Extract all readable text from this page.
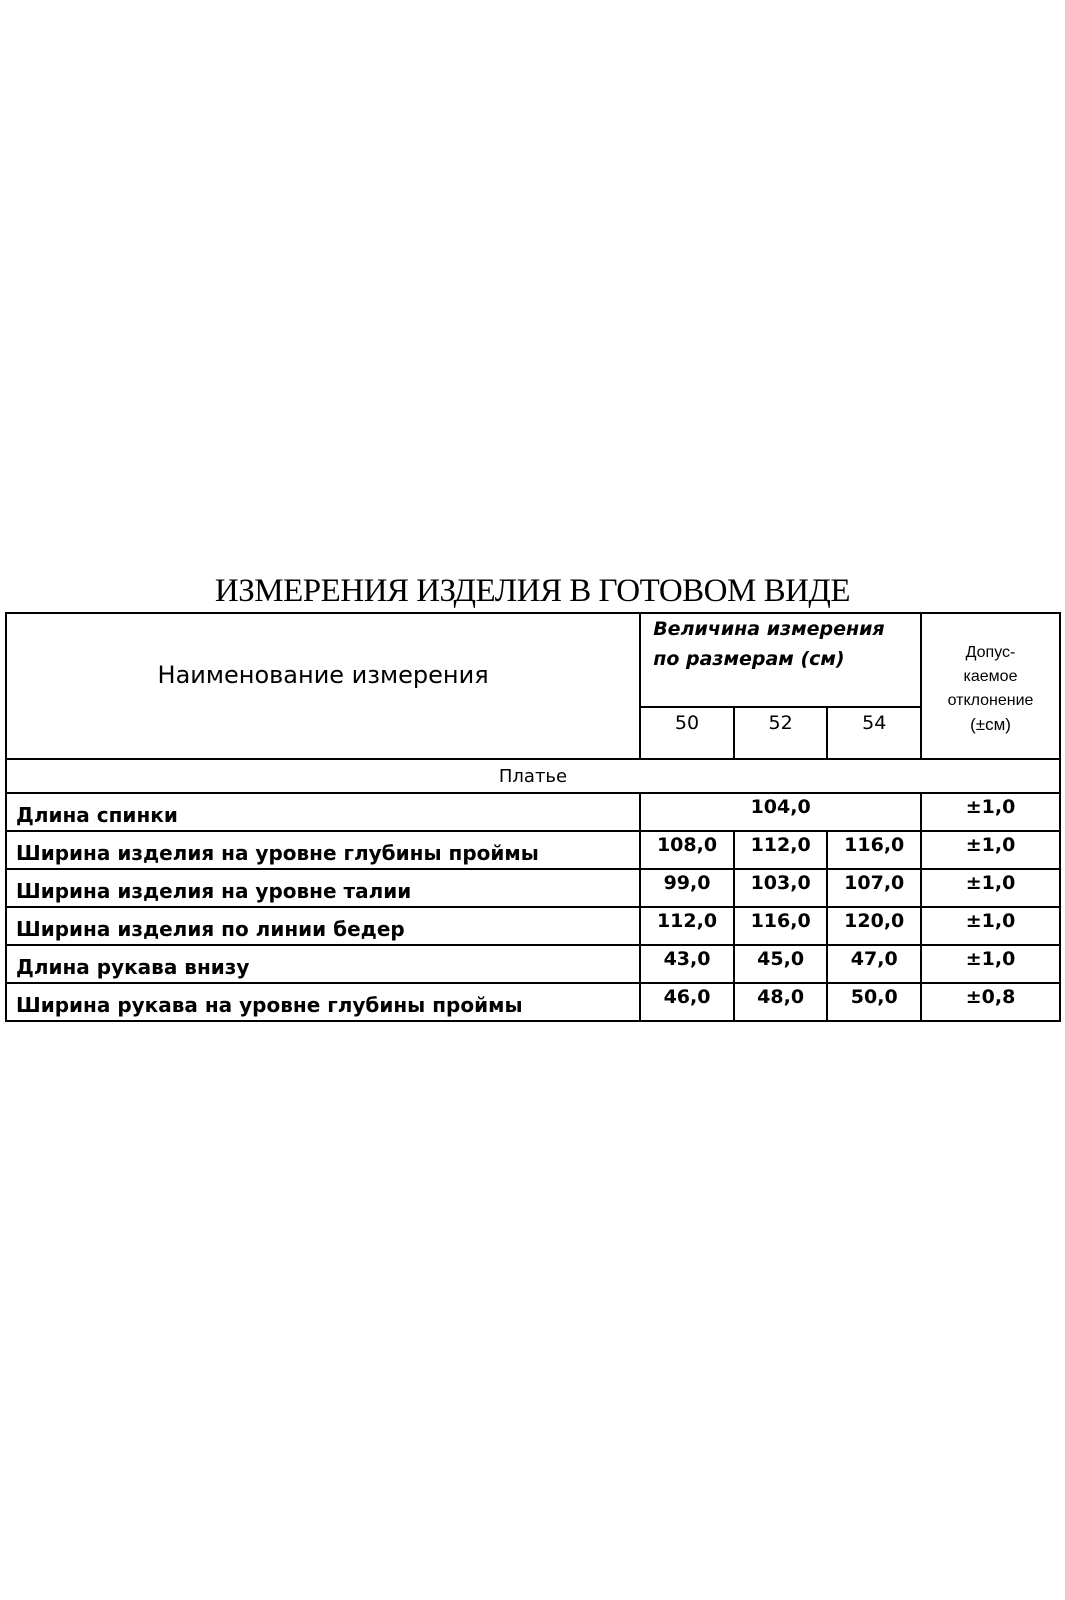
ИЗМЕРЕНИЯ ИЗДЕЛИЯ В ГОТОВОМ ВИДЕ
Наименование измерения	Величина измерения по размерам (см)			Допус-
каемое
отклонение
(±см)

	50	52	54	
Платье				
Длина спинки	104,0			±1,0
Ширина изделия на уровне глубины проймы	108,0	112,0	116,0	±1,0
Ширина изделия на уровне талии	99,0	103,0	107,0	±1,0
Ширина изделия по линии бедер	112,0	116,0	120,0	±1,0
Длина рукава внизу	43,0	45,0	47,0	±1,0
Ширина рукава на уровне глубины проймы	46,0	48,0	50,0	±0,8
